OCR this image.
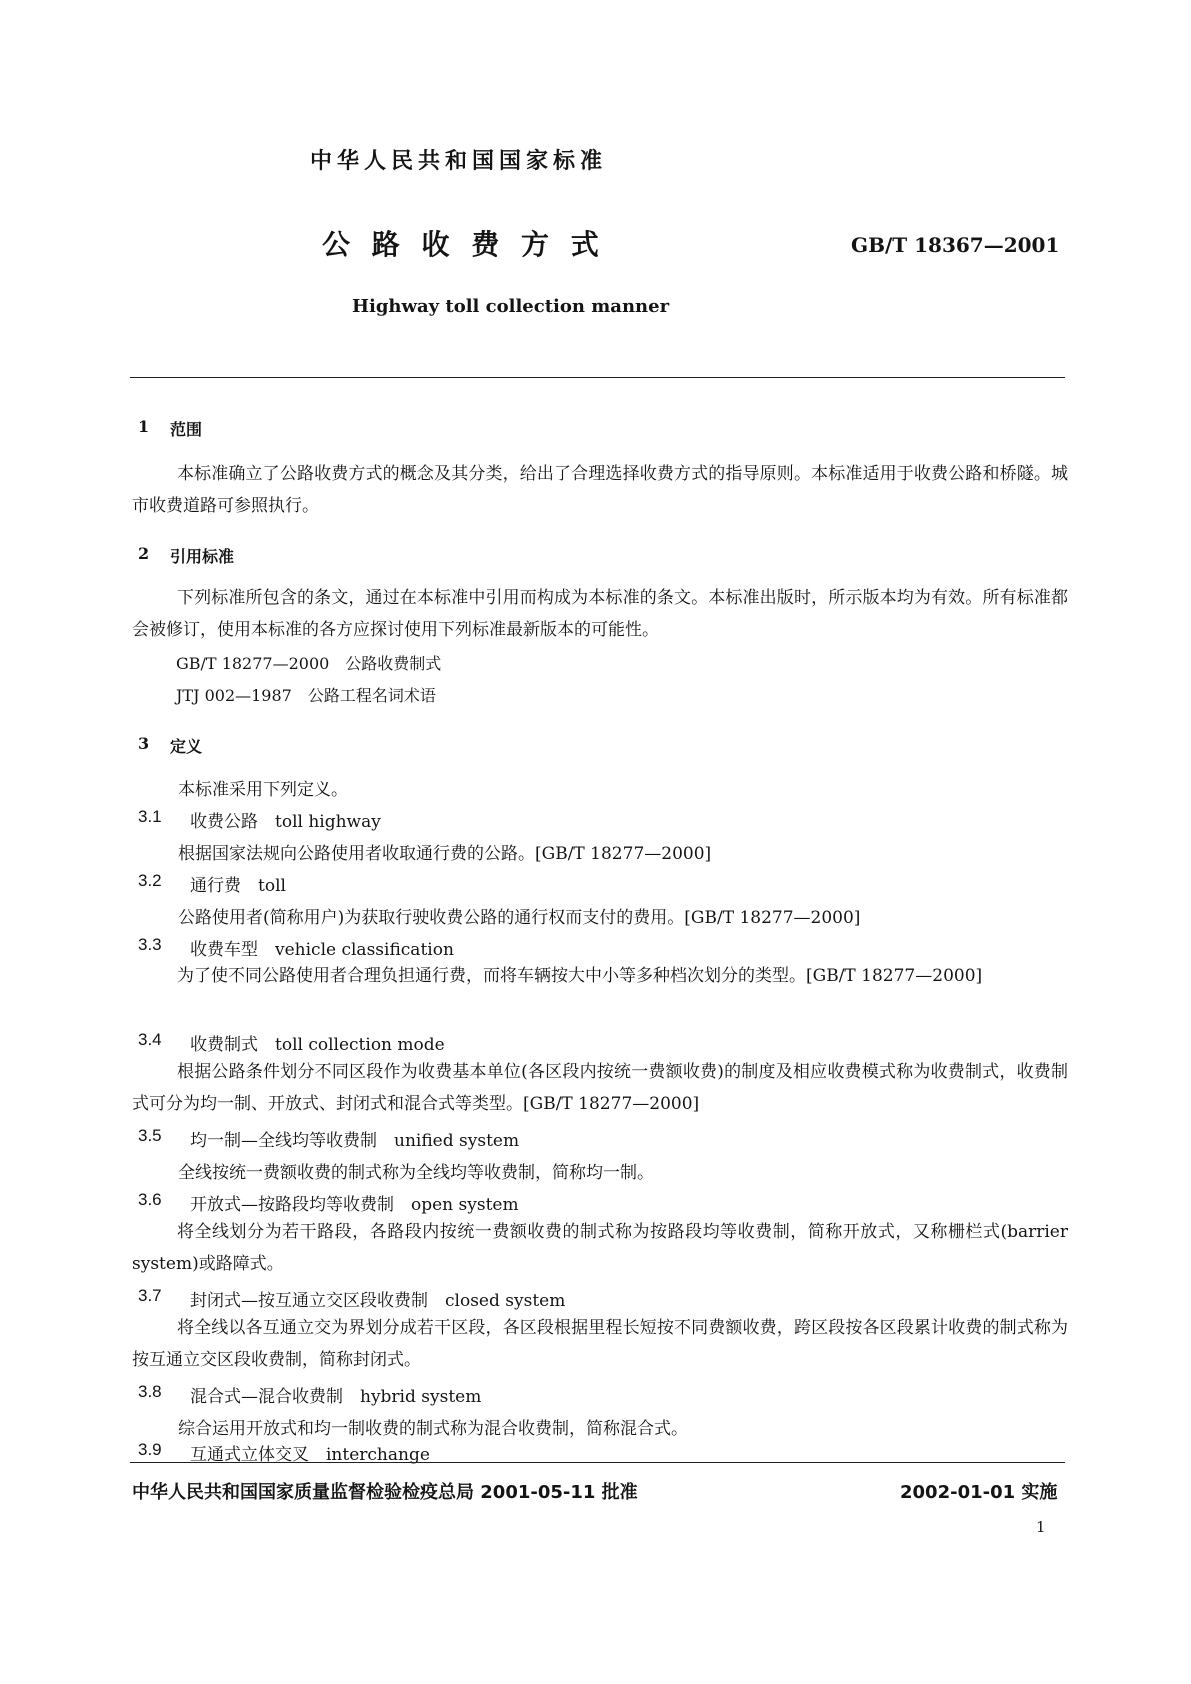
中华人民共和国国家标准
公 路 收 费 方 式	GB/T 18367—2001
Highway toll collection manner
1 范围

本标准确立了公路收费方式的概念及其分类，给出了合理选择收费方式的指导原则。本标准适用于收费公路和桥隧。城市收费道路可参照执行。

2 引用标准

下列标准所包含的条文，通过在本标准中引用而构成为本标准的条文。本标准出版时，所示版本均为有效。所有标准都会被修订，使用本标准的各方应探讨使用下列标准最新版本的可能性。

GB/T 18277—2000　公路收费制式
JTJ 002—1987　公路工程名词术语
3 定义
本标准采用下列定义。
3.1 收费公路　toll highway
根据国家法规向公路使用者收取通行费的公路。[GB/T 18277—2000]
3.2 通行费　toll
公路使用者(简称用户)为获取行驶收费公路的通行权而支付的费用。[GB/T 18277—2000]
3.3 收费车型　vehicle classification

为了使不同公路使用者合理负担通行费，而将车辆按大中小等多种档次划分的类型。[GB/T 18277—2000]

3.4 收费制式　toll collection mode

根据公路条件划分不同区段作为收费基本单位(各区段内按统一费额收费)的制度及相应收费模式称为收费制式，收费制式可分为均一制、开放式、封闭式和混合式等类型。[GB/T 18277—2000]

3.5 均一制—全线均等收费制　unified system
全线按统一费额收费的制式称为全线均等收费制，简称均一制。
3.6 开放式—按路段均等收费制　open system

将全线划分为若干路段，各路段内按统一费额收费的制式称为按路段均等收费制，简称开放式，又称栅栏式(barrier system)或路障式。

3.7 封闭式—按互通立交区段收费制　closed system

将全线以各互通立交为界划分成若干区段，各区段根据里程长短按不同费额收费，跨区段按各区段累计收费的制式称为按互通立交区段收费制，简称封闭式。

3.8 混合式—混合收费制　hybrid system
综合运用开放式和均一制收费的制式称为混合收费制，简称混合式。
3.9 互通式立体交叉　interchange
中华人民共和国国家质量监督检验检疫总局 2001-05-11 批准	2002-01-01 实施
1
